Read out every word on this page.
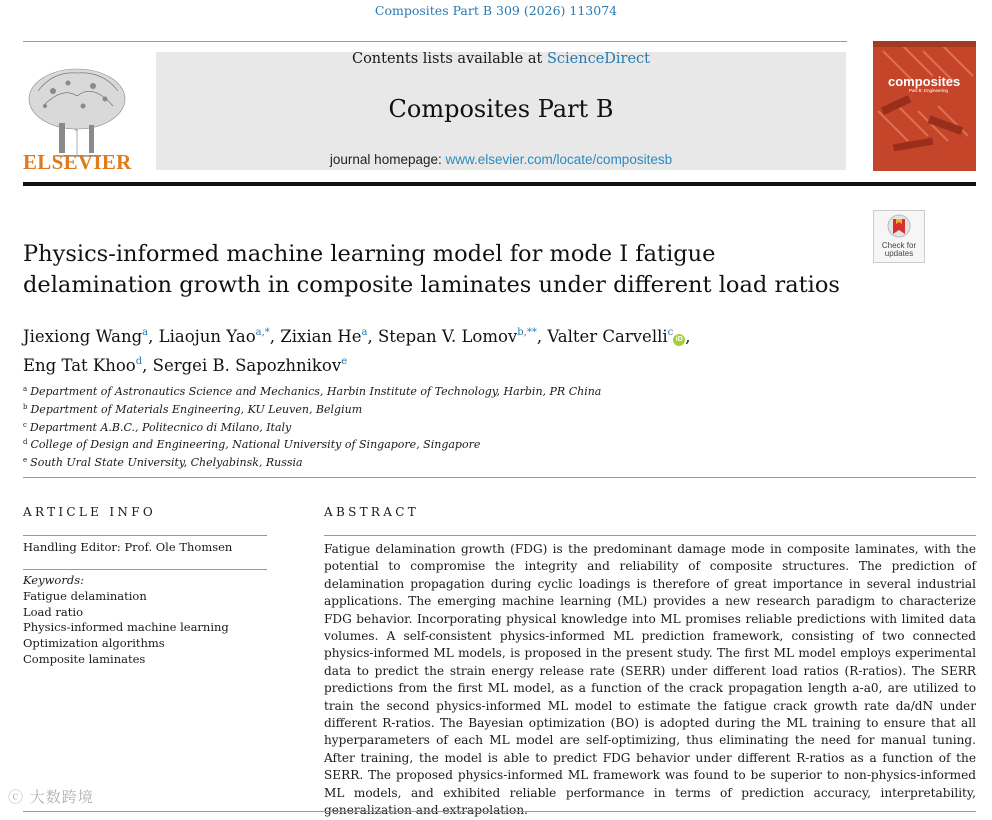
Composites Part B 309 (2026) 113074
ELSEVIER
Contents lists available at ScienceDirect
Composites Part B
journal homepage: www.elsevier.com/locate/compositesb
composites
Part B: Engineering
Check for updates
Physics-informed machine learning model for mode I fatigue delamination growth in composite laminates under different load ratios
Jiexiong Wang$^a$, Liaojun Yao$^{a,*}$, Zixian He$^a$, Stepan V. Lomov$^{b,**}$, Valter Carvelli$^c$iD ,
Eng Tat Khoo$^d$, Sergei B. Sapozhnikov$^e$
$^a$ Department of Astronautics Science and Mechanics, Harbin Institute of Technology, Harbin, PR China
$^b$ Department of Materials Engineering, KU Leuven, Belgium
$^c$ Department A.B.C., Politecnico di Milano, Italy
$^d$ College of Design and Engineering, National University of Singapore, Singapore
$^e$ South Ural State University, Chelyabinsk, Russia
ARTICLE INFO	ABSTRACT
Handling Editor: Prof. Ole Thomsen
Keywords:
Fatigue delamination
Load ratio
Physics-informed machine learning
Optimization algorithms
Composite laminates
Fatigue delamination growth (FDG) is the predominant damage mode in composite laminates, with the potential to compromise the integrity and reliability of composite structures. The prediction of delamination propagation during cyclic loadings is therefore of great importance in several industrial applications. The emerging machine learning (ML) provides a new research paradigm to characterize FDG behavior. Incorporating physical knowledge into ML promises reliable predictions with limited data volumes. A self-consistent physics-informed ML prediction framework, consisting of two connected physics-informed ML models, is proposed in the present study. The first ML model employs experimental data to predict the strain energy release rate (SERR) under different load ratios (R-ratios). The SERR predictions from the first ML model, as a function of the crack propagation length a-a0, are utilized to train the second physics-informed ML model to estimate the fatigue crack growth rate da/dN under different R-ratios. The Bayesian optimization (BO) is adopted during the ML training to ensure that all hyperparameters of each ML model are self-optimizing, thus eliminating the need for manual tuning. After training, the model is able to predict FDG behavior under different R-ratios as a function of the SERR. The proposed physics-informed ML framework was found to be superior to non-physics-informed ML models, and exhibited reliable performance in terms of prediction accuracy, interpretability,
ⓒ 大数跨境
